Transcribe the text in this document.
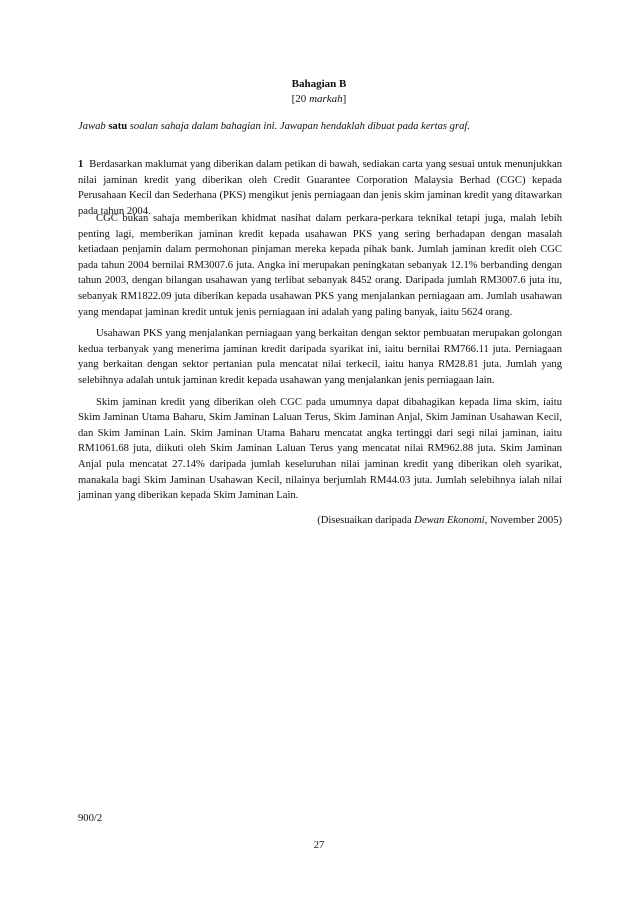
Bahagian B
[20 markah]
Jawab satu soalan sahaja dalam bahagian ini. Jawapan hendaklah dibuat pada kertas graf.
1 Berdasarkan maklumat yang diberikan dalam petikan di bawah, sediakan carta yang sesuai untuk menunjukkan nilai jaminan kredit yang diberikan oleh Credit Guarantee Corporation Malaysia Berhad (CGC) kepada Perusahaan Kecil dan Sederhana (PKS) mengikut jenis perniagaan dan jenis skim jaminan kredit yang ditawarkan pada tahun 2004.

CGC bukan sahaja memberikan khidmat nasihat dalam perkara-perkara teknikal tetapi juga, malah lebih penting lagi, memberikan jaminan kredit kepada usahawan PKS yang sering berhadapan dengan masalah ketiadaan penjamin dalam permohonan pinjaman mereka kepada pihak bank. Jumlah jaminan kredit oleh CGC pada tahun 2004 bernilai RM3007.6 juta. Angka ini merupakan peningkatan sebanyak 12.1% berbanding dengan tahun 2003, dengan bilangan usahawan yang terlibat sebanyak 8452 orang. Daripada jumlah RM3007.6 juta itu, sebanyak RM1822.09 juta diberikan kepada usahawan PKS yang menjalankan perniagaan am. Jumlah usahawan yang mendapat jaminan kredit untuk jenis perniagaan ini adalah yang paling banyak, iaitu 5624 orang.

Usahawan PKS yang menjalankan perniagaan yang berkaitan dengan sektor pembuatan merupakan golongan kedua terbanyak yang menerima jaminan kredit daripada syarikat ini, iaitu bernilai RM766.11 juta. Perniagaan yang berkaitan dengan sektor pertanian pula mencatat nilai terkecil, iaitu hanya RM28.81 juta. Jumlah yang selebihnya adalah untuk jaminan kredit kepada usahawan yang menjalankan jenis perniagaan lain.

Skim jaminan kredit yang diberikan oleh CGC pada umumnya dapat dibahagikan kepada lima skim, iaitu Skim Jaminan Utama Baharu, Skim Jaminan Laluan Terus, Skim Jaminan Anjal, Skim Jaminan Usahawan Kecil, dan Skim Jaminan Lain. Skim Jaminan Utama Baharu mencatat angka tertinggi dari segi nilai jaminan, iaitu RM1061.68 juta, diikuti oleh Skim Jaminan Laluan Terus yang mencatat nilai RM962.88 juta. Skim Jaminan Anjal pula mencatat 27.14% daripada jumlah keseluruhan nilai jaminan kredit yang diberikan oleh syarikat, manakala bagi Skim Jaminan Usahawan Kecil, nilainya berjumlah RM44.03 juta. Jumlah selebihnya ialah nilai jaminan yang diberikan kepada Skim Jaminan Lain.

(Disesuaikan daripada Dewan Ekonomi, November 2005)
900/2
27
